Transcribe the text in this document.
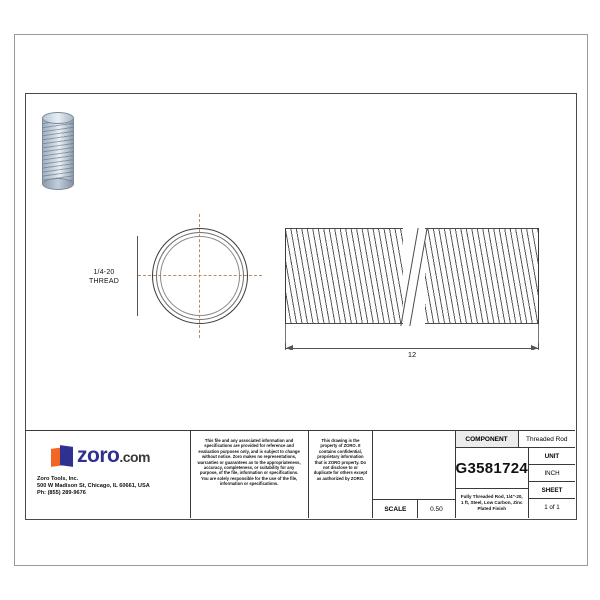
1/4-20
THREAD
12
zoro.com
Zoro Tools, Inc.
500 W Madison St, Chicago, IL 60661, USA
Ph: (855) 289-9676
This file and any associated information and specifications are provided for reference and evaluation purposes only, and is subject to change without notice. Zoro makes no representations, warranties or guarantees as to the appropriateness, accuracy, completeness, or suitability for any purpose, of the file, information or specifications. You are solely responsible for the use of the file, information or specifications.
This drawing is the property of ZORO. It contains confidential, proprietary information that is ZORO property. Do not disclose to or duplicate for others except as authorized by ZORO.
SCALE	0.50
COMPONENT	Threaded Rod
G3581724
Fully Threaded Rod, 1/4"-20, 1 ft, Steel, Low Carbon, Zinc Plated Finish
UNIT
INCH
SHEET
1 of 1
